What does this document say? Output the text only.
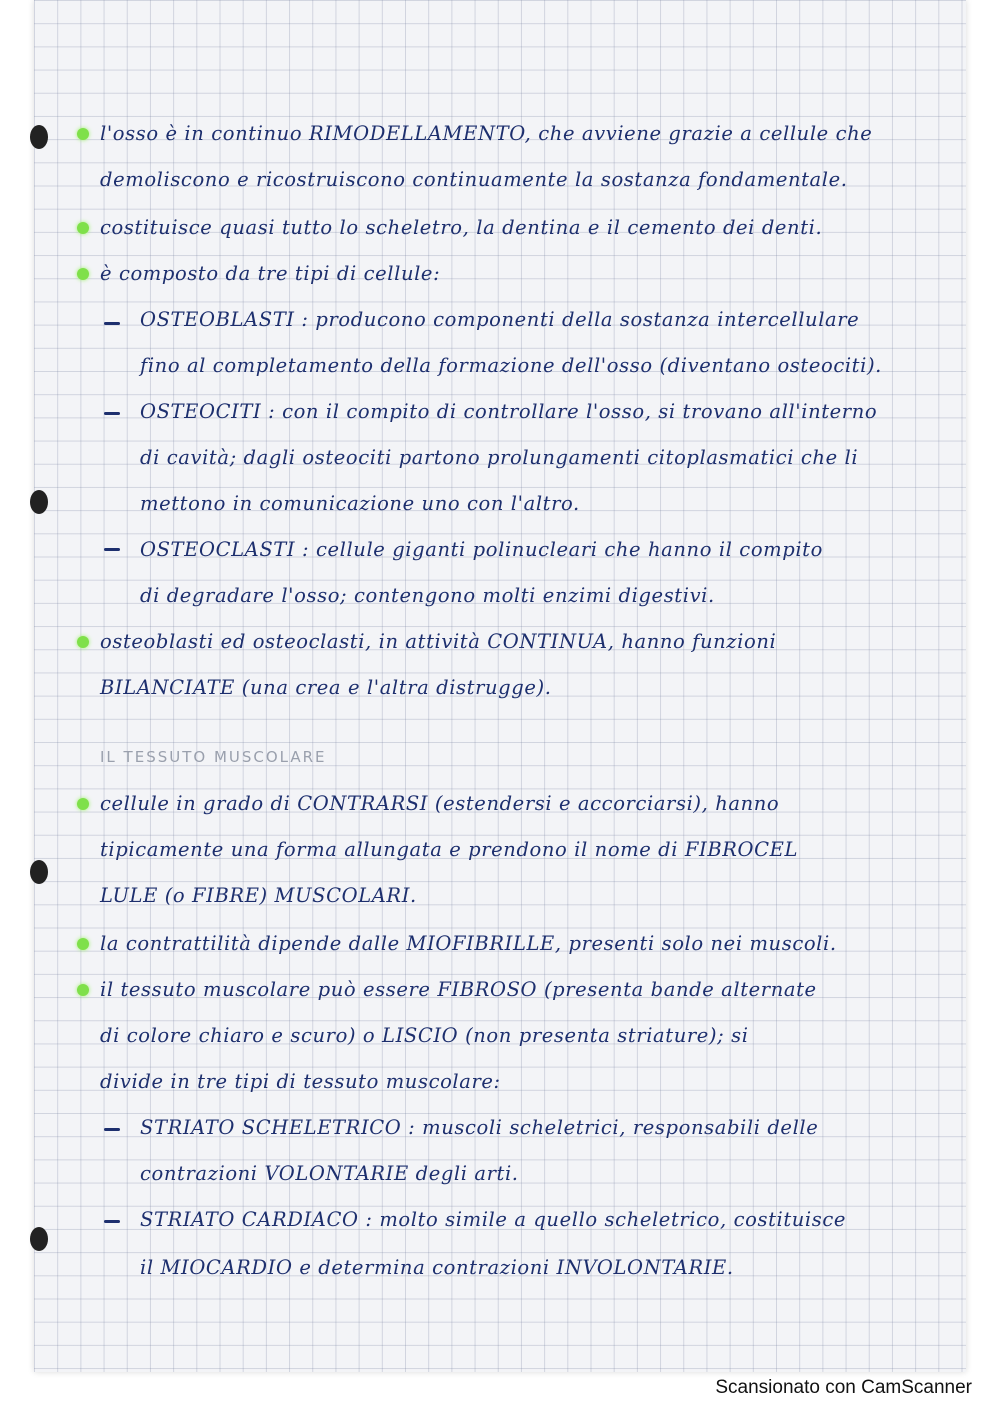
l'osso è in continuo RIMODELLAMENTO, che avviene grazie a cellule che

demoliscono e ricostruiscono continuamente la sostanza fondamentale.

costituisce quasi tutto lo scheletro, la dentina e il cemento dei denti.

è composto da tre tipi di cellule:

OSTEOBLASTI : producono componenti della sostanza intercellulare

fino al completamento della formazione dell'osso (diventano osteociti).

OSTEOCITI : con il compito di controllare l'osso, si trovano all'interno

di cavità; dagli osteociti partono prolungamenti citoplasmatici che li

mettono in comunicazione uno con l'altro.

OSTEOCLASTI : cellule giganti polinucleari che hanno il compito

di degradare l'osso; contengono molti enzimi digestivi.

osteoblasti ed osteoclasti, in attività CONTINUA, hanno funzioni

BILANCIATE (una crea e l'altra distrugge).

IL TESSUTO MUSCOLARE

cellule in grado di CONTRARSI (estendersi e accorciarsi), hanno

tipicamente una forma allungata e prendono il nome di FIBROCEL

LULE (o FIBRE) MUSCOLARI.

la contrattilità dipende dalle MIOFIBRILLE, presenti solo nei muscoli.

il tessuto muscolare può essere FIBROSO (presenta bande alternate

di colore chiaro e scuro) o LISCIO (non presenta striature); si

divide in tre tipi di tessuto muscolare:

STRIATO SCHELETRICO : muscoli scheletrici, responsabili delle

contrazioni VOLONTARIE degli arti.

STRIATO CARDIACO : molto simile a quello scheletrico, costituisce

il MIOCARDIO e determina contrazioni INVOLONTARIE.

Scansionato con CamScanner
